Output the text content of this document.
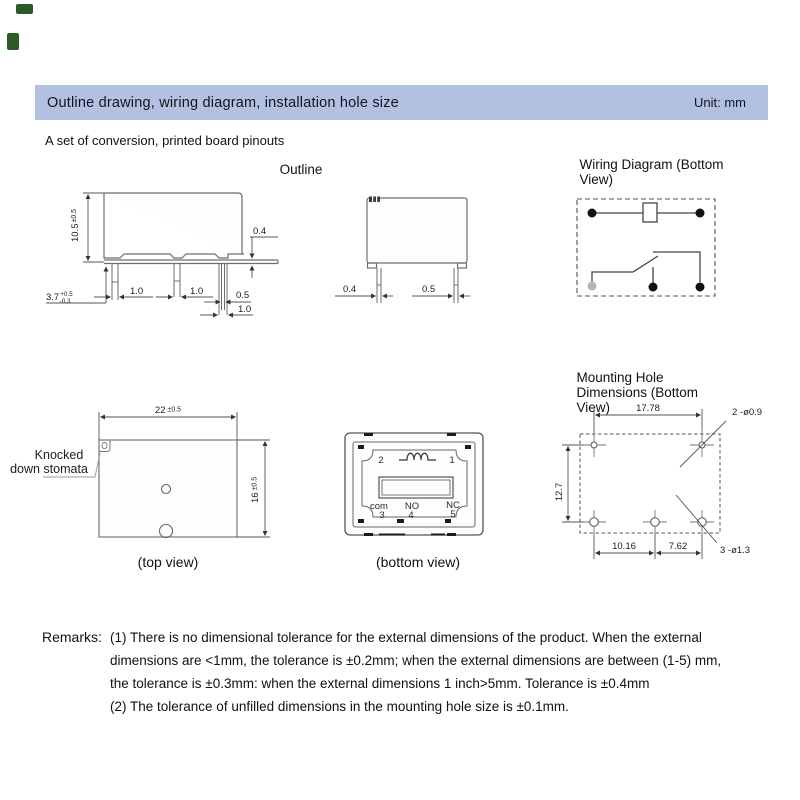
Outline drawing, wiring diagram, installation hole size	Unit: mm
A set of conversion, printed board pinouts
Outline	Wiring Diagram (Bottom View)
Mounting Hole Dimensions (Bottom View)
$10.5^{\pm 0.5}$
0.4
$3.7^{+0.5}$ -0.3
1.0	1.0	0.5
1.0
0.4	0.5
17.78
12.7
10.16	7.62
2 -ø0.9
3 -ø1.3
22 ±0.5
16±0.5
Knocked
down stomata
2	1
com NO	NC
3 4	5
(top view)	(bottom view)
Remarks: (1) There is no dimensional tolerance for the external dimensions of the product. When the external
dimensions are <1mm, the tolerance is ±0.2mm; when the external dimensions are between (1-5) mm,
the tolerance is ±0.3mm: when the external dimensions 1 inch>5mm. Tolerance is ±0.4mm
(2) The tolerance of unfilled dimensions in the mounting hole size is ±0.1mm.
